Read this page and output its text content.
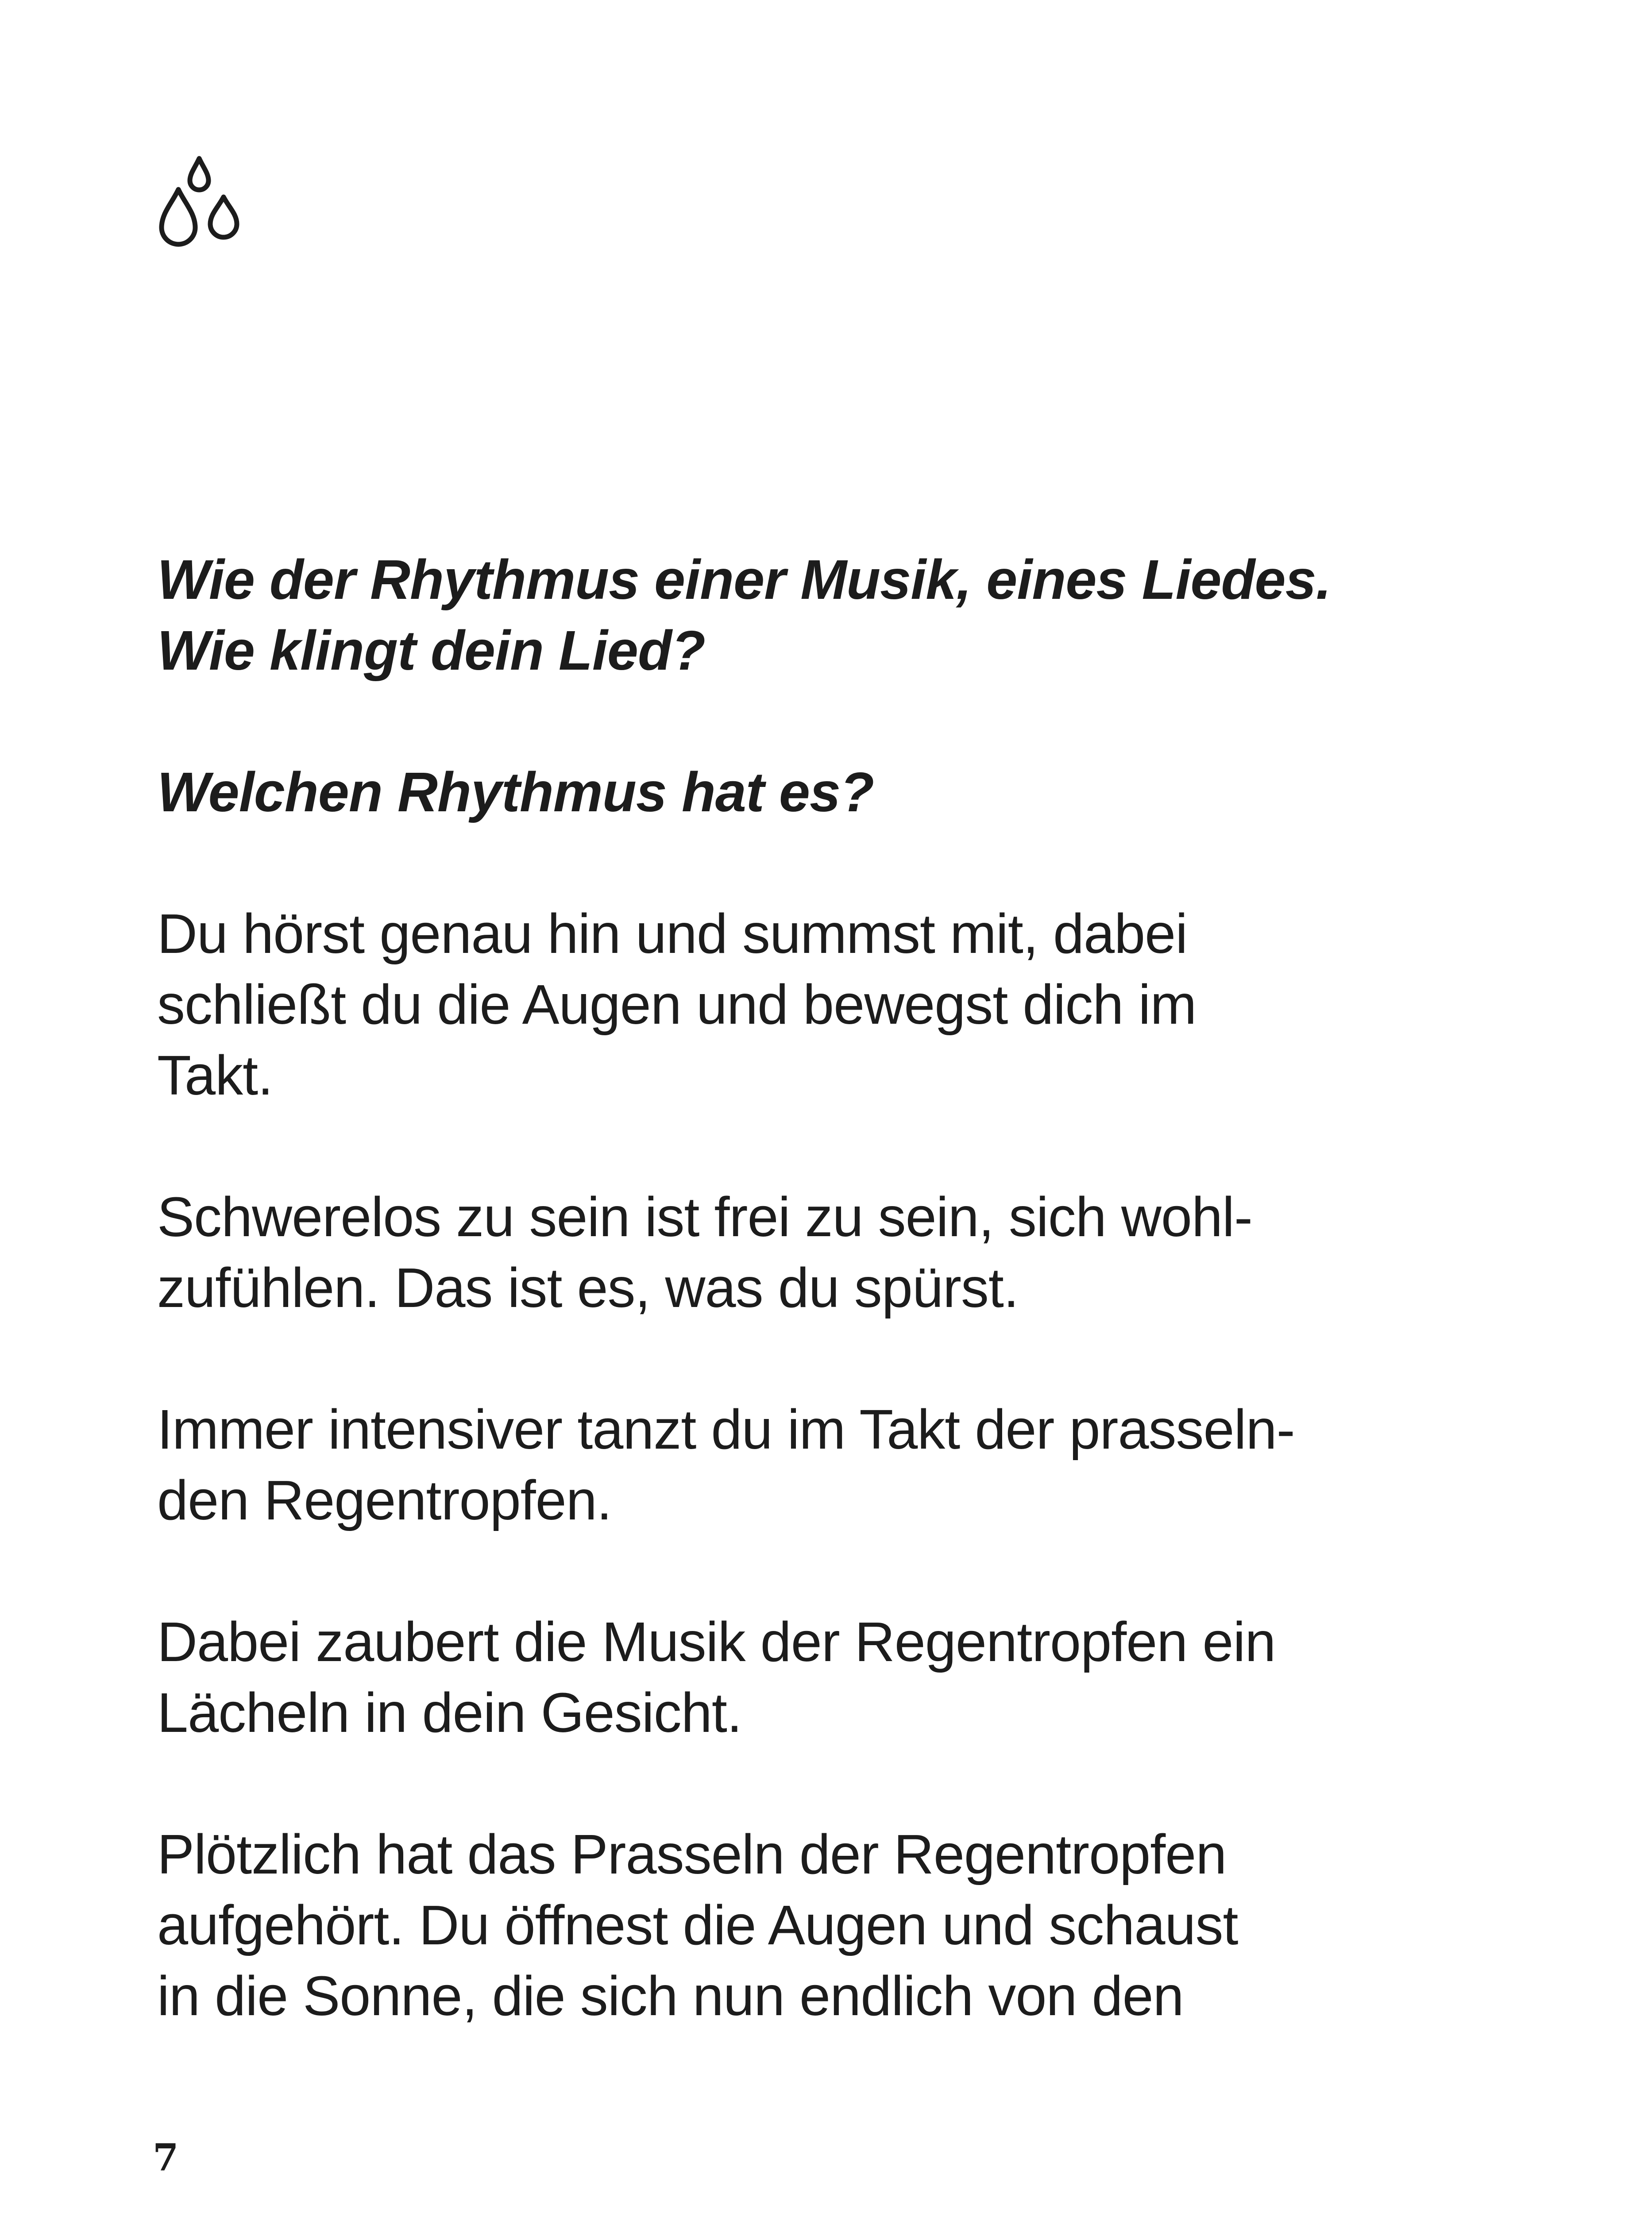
Wie der Rhythmus einer Musik, eines Liedes.
Wie klingt dein Lied?
Welchen Rhythmus hat es?
Du hörst genau hin und summst mit, dabei
schließt du die Augen und bewegst dich im
Takt.
Schwerelos zu sein ist frei zu sein, sich wohl-
zufühlen. Das ist es, was du spürst.
Immer intensiver tanzt du im Takt der prasseln-
den Regentropfen.
Dabei zaubert die Musik der Regentropfen ein
Lächeln in dein Gesicht.
Plötzlich hat das Prasseln der Regentropfen
aufgehört. Du öffnest die Augen und schaust
in die Sonne, die sich nun endlich von den
7
